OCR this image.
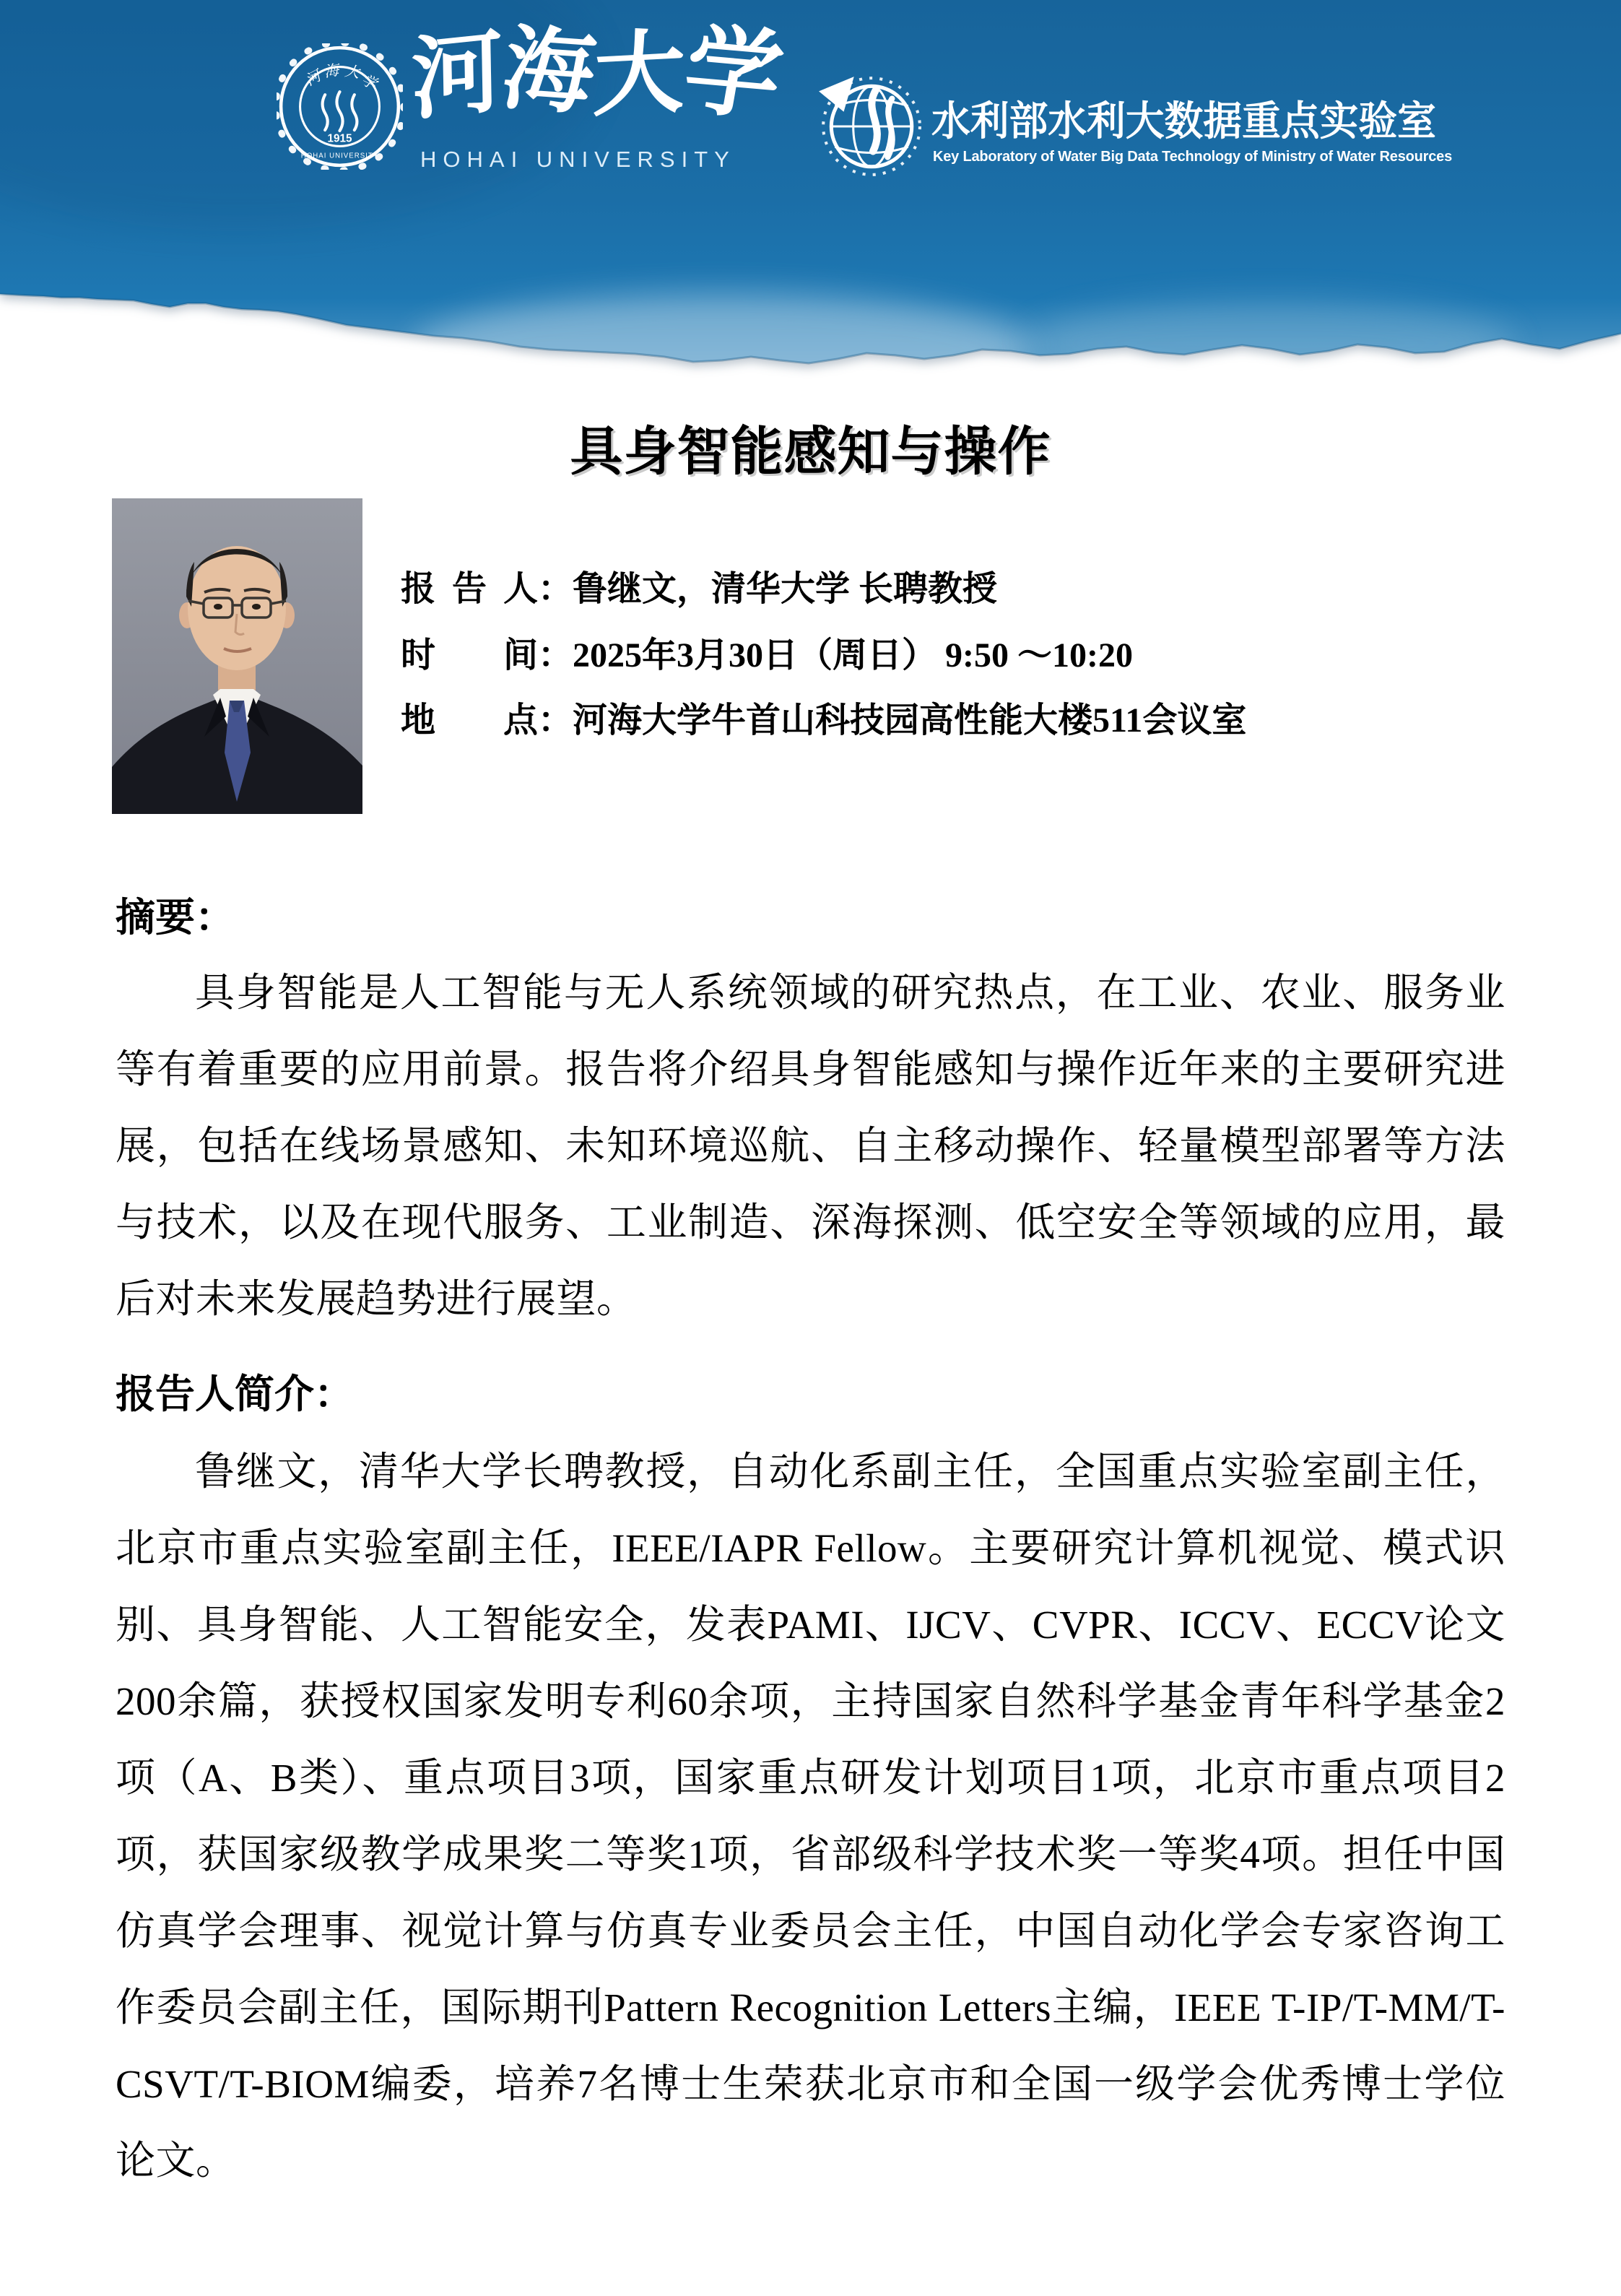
河 海 大
学
1915
HOHAI UNIVERSITY
河
海
大
学
HOHAI UNIVERSITY
水利部水利大数据重点实验室
Key Laboratory of Water Big Data Technology of Ministry of Water Resources
学
术
报
告
具身智能感知与操作
报 告 人 ：鲁继文，清华大学 长聘教授
时 间 ：2025年3月30日（周日） 9:50 ～10:20
地 点 ：河海大学牛首山科技园高性能大楼511会议室
摘要：
具身智能是人工智能与无人系统领域的研究热点，在工业、农业、服务业等有着重要的应用前景。报告将介绍具身智能感知与操作近年来的主要研究进展，包括在线场景感知、未知环境巡航、自主移动操作、轻量模型部署等方法与技术，以及在现代服务、工业制造、深海探测、低空安全等领域的应用，最后对未来发展趋势进行展望。
报告人简介：
鲁继文，清华大学长聘教授，自动化系副主任，全国重点实验室副主任，北京市重点实验室副主任，IEEE/IAPR Fellow。主要研究计算机视觉、模式识别、具身智能、人工智能安全，发表PAMI、IJCV、CVPR、ICCV、ECCV论文200余篇，获授权国家发明专利60余项，主持国家自然科学基金青年科学基金2项（A、B类）、重点项目3项，国家重点研发计划项目1项，北京市重点项目2项，获国家级教学成果奖二等奖1项，省部级科学技术奖一等奖4项。担任中国仿真学会理事、视觉计算与仿真专业委员会主任，中国自动化学会专家咨询工作委员会副主任，国际期刊Pattern Recognition Letters主编，IEEE T-IP/T-MM/T-CSVT/T-BIOM编委，培养7名博士生荣获北京市和全国一级学会优秀博士学位论文。
